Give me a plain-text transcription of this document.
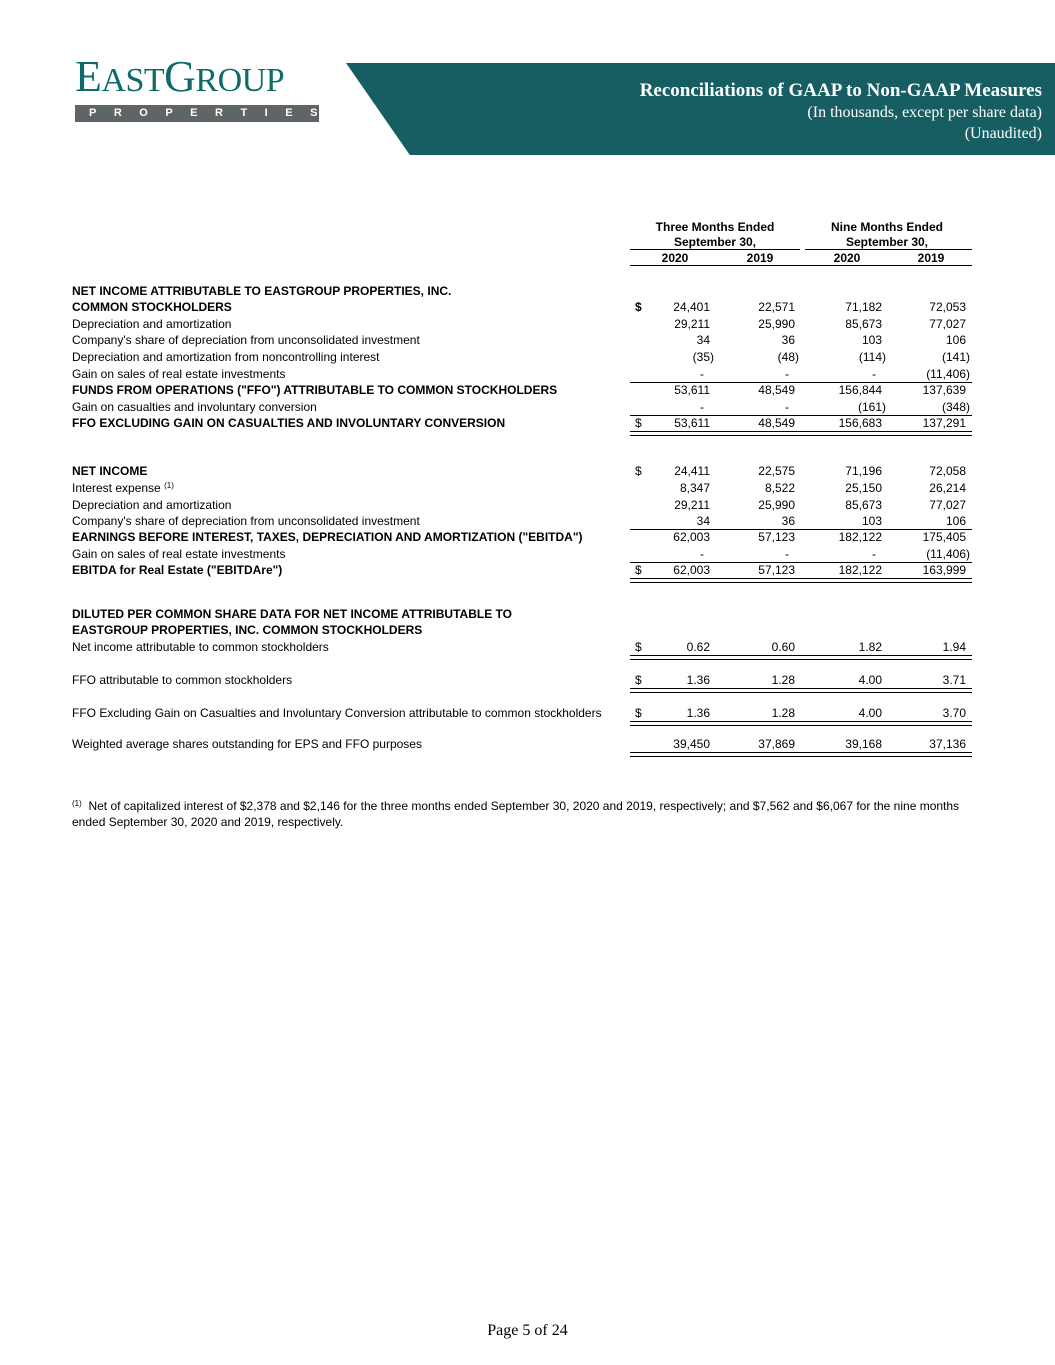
EASTGROUP
PROPERTIES
Reconciliations of GAAP to Non-GAAP Measures
(In thousands, except per share data)
(Unaudited)
Three Months Ended
September 30,
Nine Months Ended
September 30,
2020	2019	2020	2019
NET INCOME ATTRIBUTABLE TO EASTGROUP PROPERTIES, INC.
COMMON STOCKHOLDERS	$	24,401	22,571	71,182	72,053
Depreciation and amortization	29,211	25,990	85,673	77,027
Company's share of depreciation from unconsolidated investment	34	36	103	106
Depreciation and amortization from noncontrolling interest	(35)	(48)	(114)	(141)
Gain on sales of real estate investments	-	-	-	(11,406)
FUNDS FROM OPERATIONS ("FFO") ATTRIBUTABLE TO COMMON STOCKHOLDERS	53,611	48,549	156,844	137,639
Gain on casualties and involuntary conversion	-	-	(161)	(348)
FFO EXCLUDING GAIN ON CASUALTIES AND INVOLUNTARY CONVERSION	$	53,611	48,549	156,683	137,291
NET INCOME	$	24,411	22,575	71,196	72,058
Interest expense $^{(1)}$	8,347	8,522	25,150	26,214
Depreciation and amortization	29,211	25,990	85,673	77,027
Company's share of depreciation from unconsolidated investment	34	36	103	106
EARNINGS BEFORE INTEREST, TAXES, DEPRECIATION AND AMORTIZATION ("EBITDA")	62,003	57,123	182,122	175,405
Gain on sales of real estate investments	-	-	-	(11,406)
EBITDA for Real Estate ("EBITDAre")	$	62,003	57,123	182,122	163,999
DILUTED PER COMMON SHARE DATA FOR NET INCOME ATTRIBUTABLE TO
EASTGROUP PROPERTIES, INC. COMMON STOCKHOLDERS
Net income attributable to common stockholders	$	0.62	0.60	1.82	1.94
FFO attributable to common stockholders	$	1.36	1.28	4.00	3.71
FFO Excluding Gain on Casualties and Involuntary Conversion attributable to common stockholders	$	1.36	1.28	4.00	3.70
Weighted average shares outstanding for EPS and FFO purposes	39,450	37,869	39,168	37,136
$^{(1)}$ Net of capitalized interest of $2,378 and $2,146 for the three months ended September 30, 2020 and 2019, respectively; and $7,562 and $6,067 for the nine months ended September 30, 2020 and 2019, respectively.
Page 5 of 24
